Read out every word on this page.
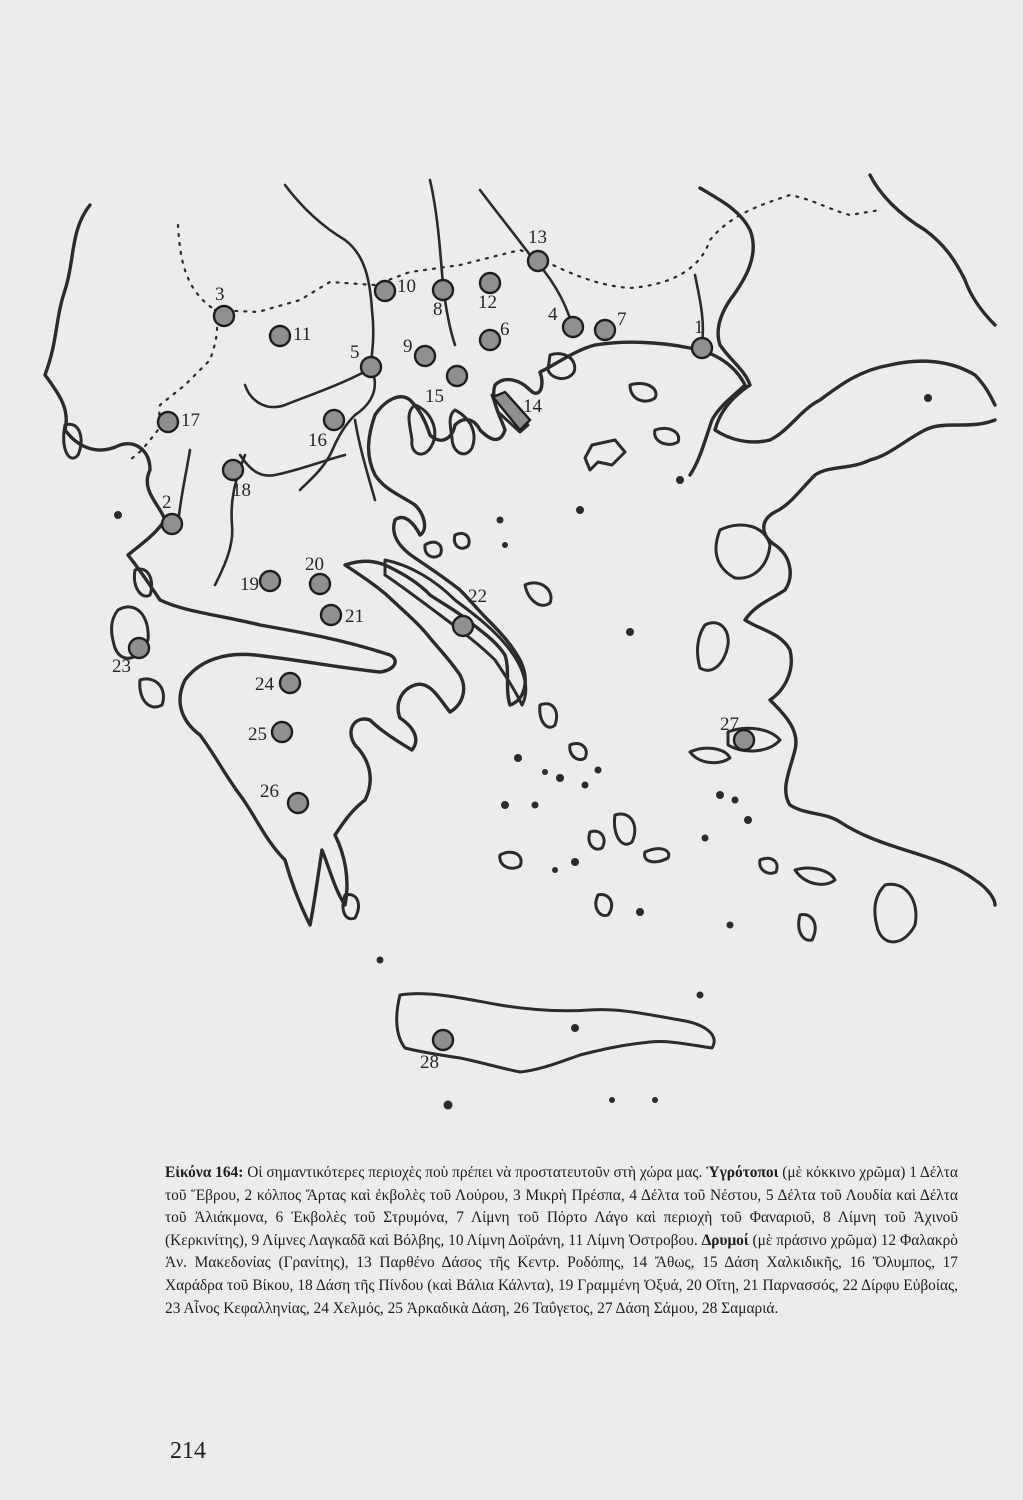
1
2
3
4
5
6	7
8
9
10
11
12
13
14
15
16
17
18
19
20
21
22
23
24
25
26
27
28
Εἰκόνα 164: Οἱ σημαντικότερες περιοχὲς ποὺ πρέπει νὰ προστατευτοῦν στὴ χώρα μας. Ὑγρότοποι (μὲ κόκκινο χρῶμα) 1 Δέλτα τοῦ Ἕβρου, 2 κόλπος Ἄρτας καὶ ἐκβολὲς τοῦ Λούρου, 3 Μικρὴ Πρέσπα, 4 Δέλτα τοῦ Νέστου, 5 Δέλτα τοῦ Λουδία καὶ Δέλτα τοῦ Ἀλιάκμονα, 6 Ἐκβολὲς τοῦ Στρυμόνα, 7 Λίμνη τοῦ Πόρτο Λάγο καὶ περιοχὴ τοῦ Φαναριοῦ, 8 Λίμνη τοῦ Ἀχινοῦ (Κερκινίτης), 9 Λίμνες Λαγκαδᾶ καὶ Βόλβης, 10 Λίμνη Δοϊράνη, 11 Λίμνη Ὀστροβου. Δρυμοί (μὲ πράσινο χρῶμα) 12 Φαλακρὸ Ἀν. Μακεδονίας (Γρανίτης), 13 Παρθένο Δάσος τῆς Κεντρ. Ροδόπης, 14 Ἄθως, 15 Δάση Χαλκιδικῆς, 16 Ὄλυμπος, 17 Χαράδρα τοῦ Βίκου, 18 Δάση τῆς Πίνδου (καὶ Βάλια Κάλντα), 19 Γραμμένη Ὀξυά, 20 Οἴτη, 21 Παρνασσός, 22 Δίρφυ Εὐβοίας, 23 Αἶνος Κεφαλληνίας, 24 Χελμός, 25 Ἀρκαδικὰ Δάση, 26 Ταΰγετος, 27 Δάση Σάμου, 28 Σαμαριά.
214
